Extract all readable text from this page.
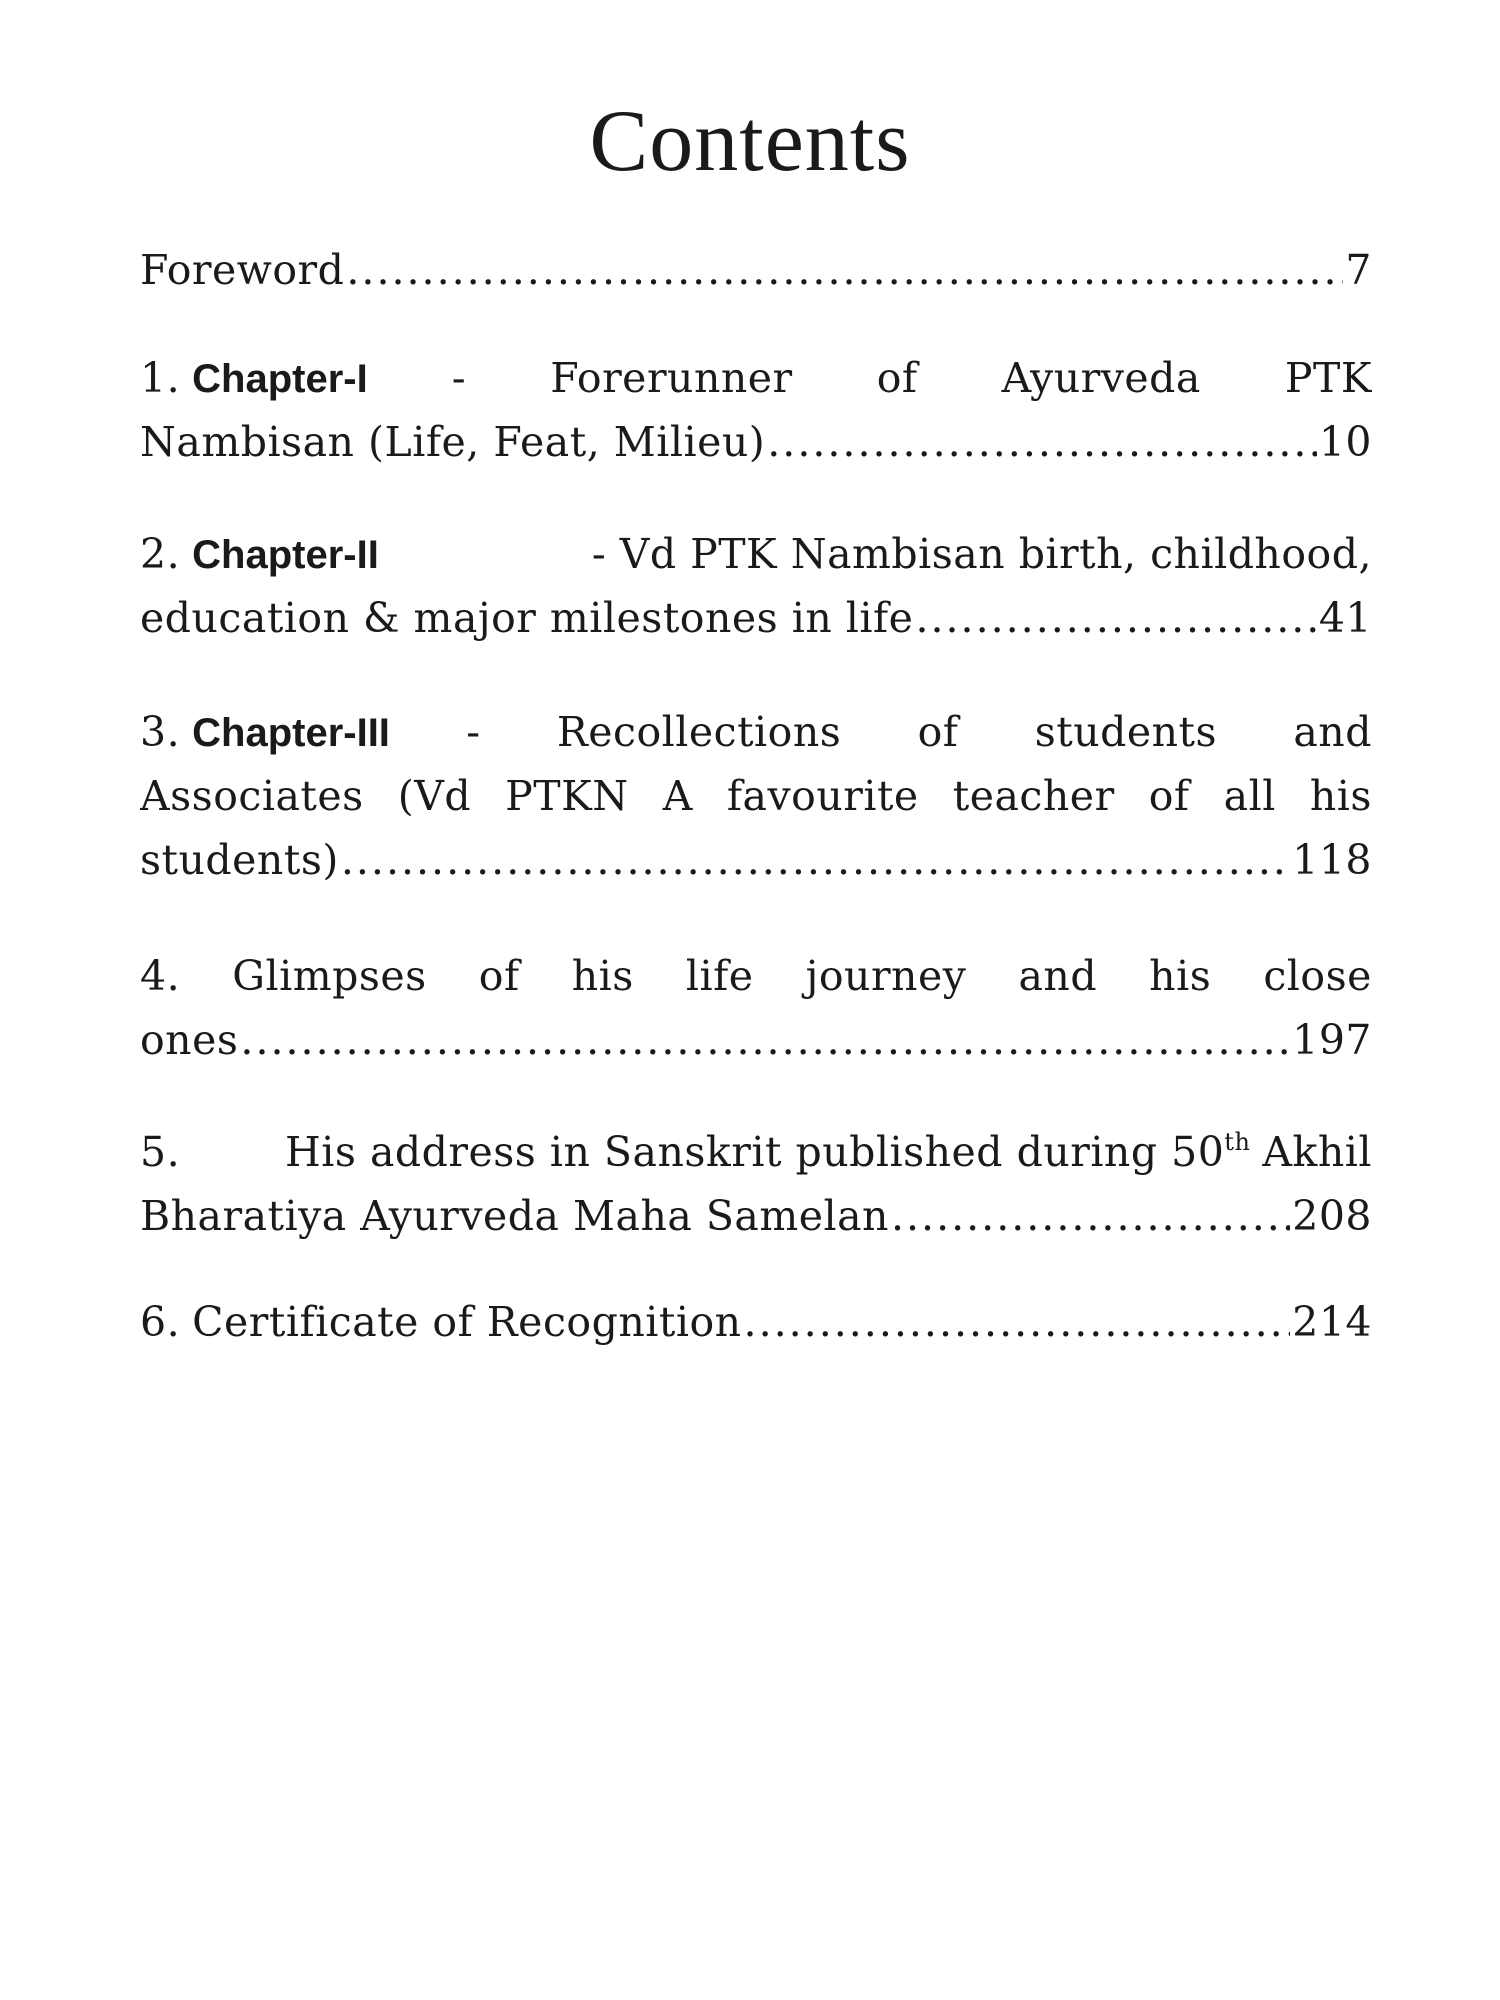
Contents
Foreword .....	7
1. Chapter-I - Forerunner of Ayurveda PTK
Nambisan (Life, Feat, Milieu) .....	10
2. Chapter-II	- Vd PTK Nambisan birth, childhood,
education & major milestones in life .....	41
3. Chapter-III - Recollections of students and
Associates (Vd PTKN A favourite teacher of all his
students) .....	118
4. Glimpses of his life journey and his close
ones .....	197
5.	His address in Sanskrit published during 50th Akhil
Bharatiya Ayurveda Maha Samelan .....	208
6. Certificate of Recognition .....	214
